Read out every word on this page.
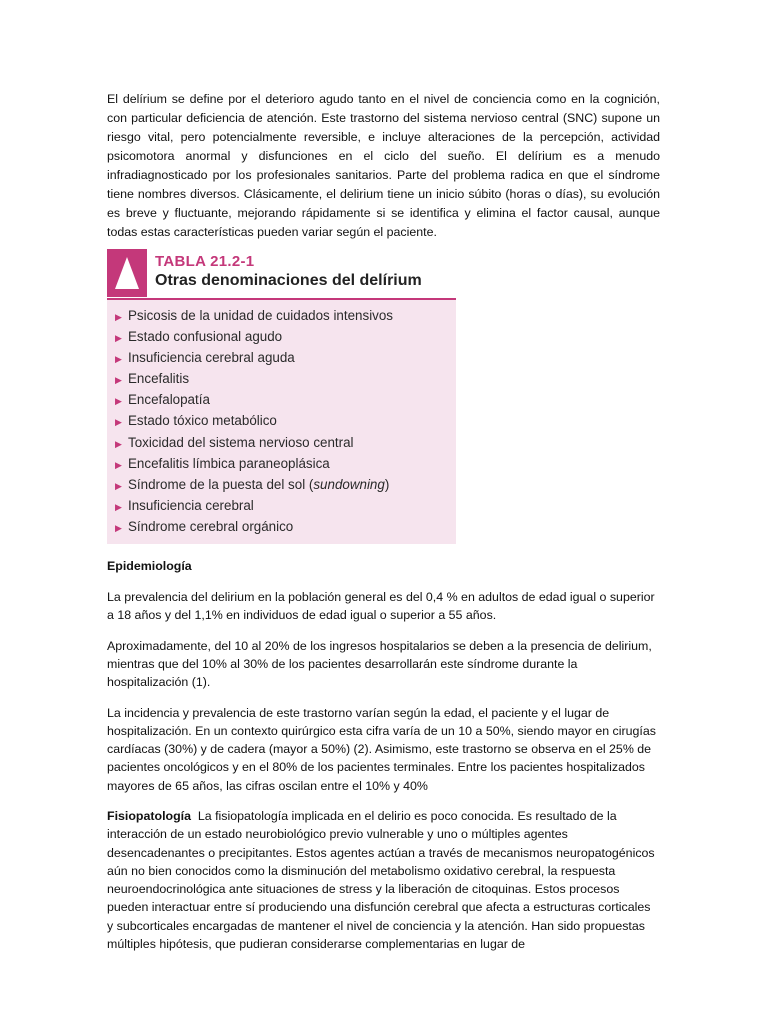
El delírium se define por el deterioro agudo tanto en el nivel de conciencia como en la cognición, con particular deficiencia de atención. Este trastorno del sistema nervioso central (SNC) supone un riesgo vital, pero potencialmente reversible, e incluye alteraciones de la percepción, actividad psicomotora anormal y disfunciones en el ciclo del sueño. El delírium es a menudo infradiagnosticado por los profesionales sanitarios. Parte del problema radica en que el síndrome tiene nombres diversos. Clásicamente, el delirium tiene un inicio súbito (horas o días), su evolución es breve y fluctuante, mejorando rápidamente si se identifica y elimina el factor causal, aunque todas estas características pueden variar según el paciente.

TABLA 21.2-1
Otras denominaciones del delírium
▶ Psicosis de la unidad de cuidados intensivos
▶ Estado confusional agudo
▶ Insuficiencia cerebral aguda
▶ Encefalitis
▶ Encefalopatía
▶ Estado tóxico metabólico
▶ Toxicidad del sistema nervioso central
▶ Encefalitis límbica paraneoplásica
▶ Síndrome de la puesta del sol (sundowning)
▶ Insuficiencia cerebral
▶ Síndrome cerebral orgánico

Epidemiología

La prevalencia del delirium en la población general es del 0,4 % en adultos de edad igual o superior a 18 años y del 1,1% en individuos de edad igual o superior a 55 años.

Aproximadamente, del 10 al 20% de los ingresos hospitalarios se deben a la presencia de delirium, mientras que del 10% al 30% de los pacientes desarrollarán este síndrome durante la hospitalización (1).

La incidencia y prevalencia de este trastorno varían según la edad, el paciente y el lugar de hospitalización. En un contexto quirúrgico esta cifra varía de un 10 a 50%, siendo mayor en cirugías cardíacas (30%) y de cadera (mayor a 50%) (2). Asimismo, este trastorno se observa en el 25% de pacientes oncológicos y en el 80% de los pacientes terminales. Entre los pacientes hospitalizados mayores de 65 años, las cifras oscilan entre el 10% y 40%

Fisiopatología  La fisiopatología implicada en el delirio es poco conocida. Es resultado de la interacción de un estado neurobiológico previo vulnerable y uno o múltiples agentes desencadenantes o precipitantes. Estos agentes actúan a través de mecanismos neuropatogénicos aún no bien conocidos como la disminución del metabolismo oxidativo cerebral, la respuesta neuroendocrinológica ante situaciones de stress y la liberación de citoquinas. Estos procesos pueden interactuar entre sí produciendo una disfunción cerebral que afecta a estructuras corticales y subcorticales encargadas de mantener el nivel de conciencia y la atención. Han sido propuestas múltiples hipótesis, que pudieran considerarse complementarias en lugar de
